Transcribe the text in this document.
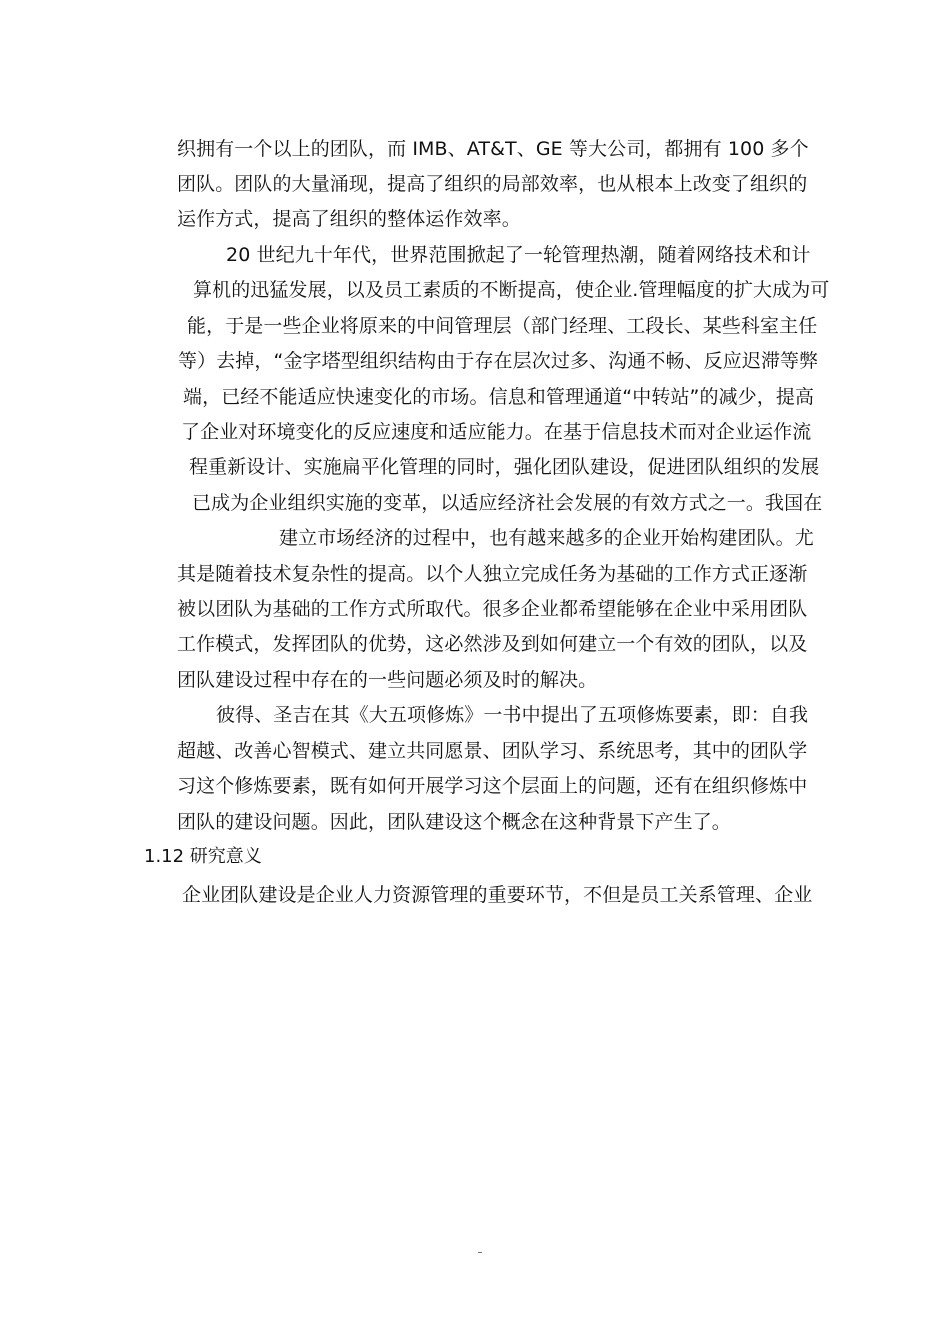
织拥有一个以上的团队，而 IMB、AT&T、GE 等大公司，都拥有 100 多个
团队。团队的大量涌现，提高了组织的局部效率，也从根本上改变了组织的
运作方式，提高了组织的整体运作效率。
20 世纪九十年代，世界范围掀起了一轮管理热潮，随着网络技术和计
算机的迅猛发展，以及员工素质的不断提高，使企业.管理幅度的扩大成为可
能，于是一些企业将原来的中间管理层（部门经理、工段长、某些科室主任
等）去掉，“金字塔型组织结构由于存在层次过多、沟通不畅、反应迟滞等弊
端，已经不能适应快速变化的市场。信息和管理通道“中转站”的减少，提高
了企业对环境变化的反应速度和适应能力。在基于信息技术而对企业运作流
程重新设计、实施扁平化管理的同时，强化团队建设，促进团队组织的发展
已成为企业组织实施的变革，以适应经济社会发展的有效方式之一。我国在
建立市场经济的过程中，也有越来越多的企业开始构建团队。尤
其是随着技术复杂性的提高。以个人独立完成任务为基础的工作方式正逐渐
被以团队为基础的工作方式所取代。很多企业都希望能够在企业中采用团队
工作模式，发挥团队的优势，这必然涉及到如何建立一个有效的团队，以及
团队建设过程中存在的一些问题必须及时的解决。
彼得、圣吉在其《大五项修炼》一书中提出了五项修炼要素，即：自我
超越、改善心智模式、建立共同愿景、团队学习、系统思考，其中的团队学
习这个修炼要素，既有如何开展学习这个层面上的问题，还有在组织修炼中
团队的建设问题。因此，团队建设这个概念在这种背景下产生了。
1.12 研究意义
企业团队建设是企业人力资源管理的重要环节，不但是员工关系管理、企业
